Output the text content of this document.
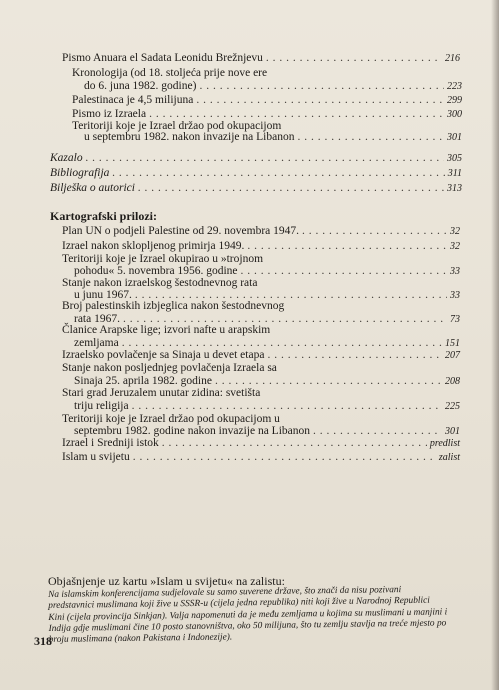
Pismo Anuara el Sadata Leonidu Brežnjevu . . .	216
Kronologija (od 18. stoljeća prije nove ere
do 6. juna 1982. godine) . . .	223
Palestinaca je 4,5 milijuna . . .	299
Pismo iz Izraela . . .	300
Teritoriji koje je Izrael držao pod okupacijom
u septembru 1982. nakon invazije na Libanon . . .	301
Kazalo . . .	305
Bibliografija . . .	311
Bilješka o autorici . . .	313
Kartografski prilozi:
Plan UN o podjeli Palestine od 29. novembra 1947. . . .	32
Izrael nakon sklopljenog primirja 1949. . . .	32
Teritoriji koje je Izrael okupirao u »trojnom
pohodu« 5. novembra 1956. godine . . .	33
Stanje nakon izraelskog šestodnevnog rata
u junu 1967. . . .	33
Broj palestinskih izbjeglica nakon šestodnevnog
rata 1967. . . .	73
Članice Arapske lige; izvori nafte u arapskim
zemljama . . .	151
Izraelsko povlačenje sa Sinaja u devet etapa . . .	207
Stanje nakon posljednjeg povlačenja Izraela sa
Sinaja 25. aprila 1982. godine . . .	208
Stari grad Jeruzalem unutar zidina: svetišta
triju religija . . .	225
Teritoriji koje je Izrael držao pod okupacijom u
septembru 1982. godine nakon invazije na Libanon . . .	301
Izrael i Sredniji istok . . .	predlist
Islam u svijetu . . .	zalist
Objašnjenje uz kartu »Islam u svijetu« na zalistu:
Na islamskim konferencijama sudjelovale su samo suverene države, što znači da nisu pozivani predstavnici muslimana koji žive u SSSR-u (cijela jedna republika) niti koji žive u Narodnoj Republici Kini (cijela provincija Sinkjan). Valja napomenuti da je među zemljama u kojima su muslimani u manjini i Indija gdje muslimani čine 10 posto stanovništva, oko 50 milijuna, što tu zemlju stavlja na treće mjesto po broju muslimana (nakon Pakistana i Indonezije).
318
